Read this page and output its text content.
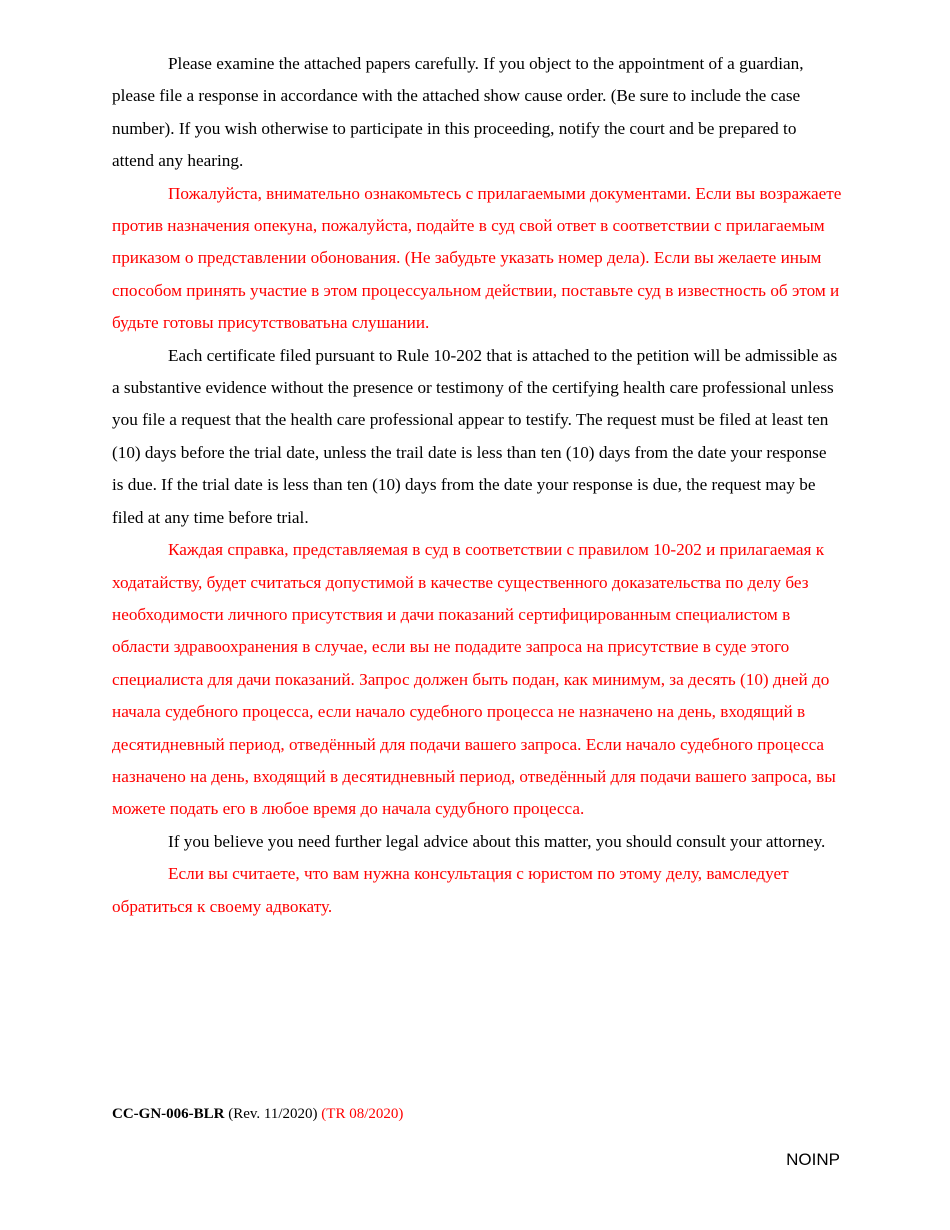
Please examine the attached papers carefully. If you object to the appointment of a guardian, please file a response in accordance with the attached show cause order. (Be sure to include the case number). If you wish otherwise to participate in this proceeding, notify the court and be prepared to attend any hearing.

Пожалуйста, внимательно ознакомьтесь с прилагаемыми документами. Если вы возражаете против назначения опекуна, пожалуйста, подайте в суд свой ответ в соответствии с прилагаемым приказом о представлении обонования. (Не забудьте указать номер дела). Если вы желаете иным способом принять участие в этом процессуальном действии, поставьте суд в известность об этом и будьте готовы присутствоватьна слушании.

Each certificate filed pursuant to Rule 10-202 that is attached to the petition will be admissible as a substantive evidence without the presence or testimony of the certifying health care professional unless you file a request that the health care professional appear to testify. The request must be filed at least ten (10) days before the trial date, unless the trail date is less than ten (10) days from the date your response is due. If the trial date is less than ten (10) days from the date your response is due, the request may be filed at any time before trial.

Каждая справка, представляемая в суд в соответствии с правилом 10-202 и прилагаемая к ходатайству, будет считаться допустимой в качестве существенного доказательства по делу без необходимости личного присутствия и дачи показаний сертифицированным специалистом в области здравоохранения в случае, если вы не подадите запроса на присутствие в суде этого специалиста для дачи показаний. Запрос должен быть подан, как минимум, за десять (10) дней до начала судебного процесса, если начало судебного процесса не назначено на день, входящий в десятидневный период, отведённый для подачи вашего запроса. Если начало судебного процесса назначено на день, входящий в десятидневный период, отведённый для подачи вашего запроса, вы можете подать его в любое время до начала судубного процесса.

If you believe you need further legal advice about this matter, you should consult your attorney.

Если вы считаете, что вам нужна консультация с юристом по этому делу, вамследует обратиться к своему адвокату.

CC-GN-006-BLR (Rev. 11/2020) (TR 08/2020)
NOINP
